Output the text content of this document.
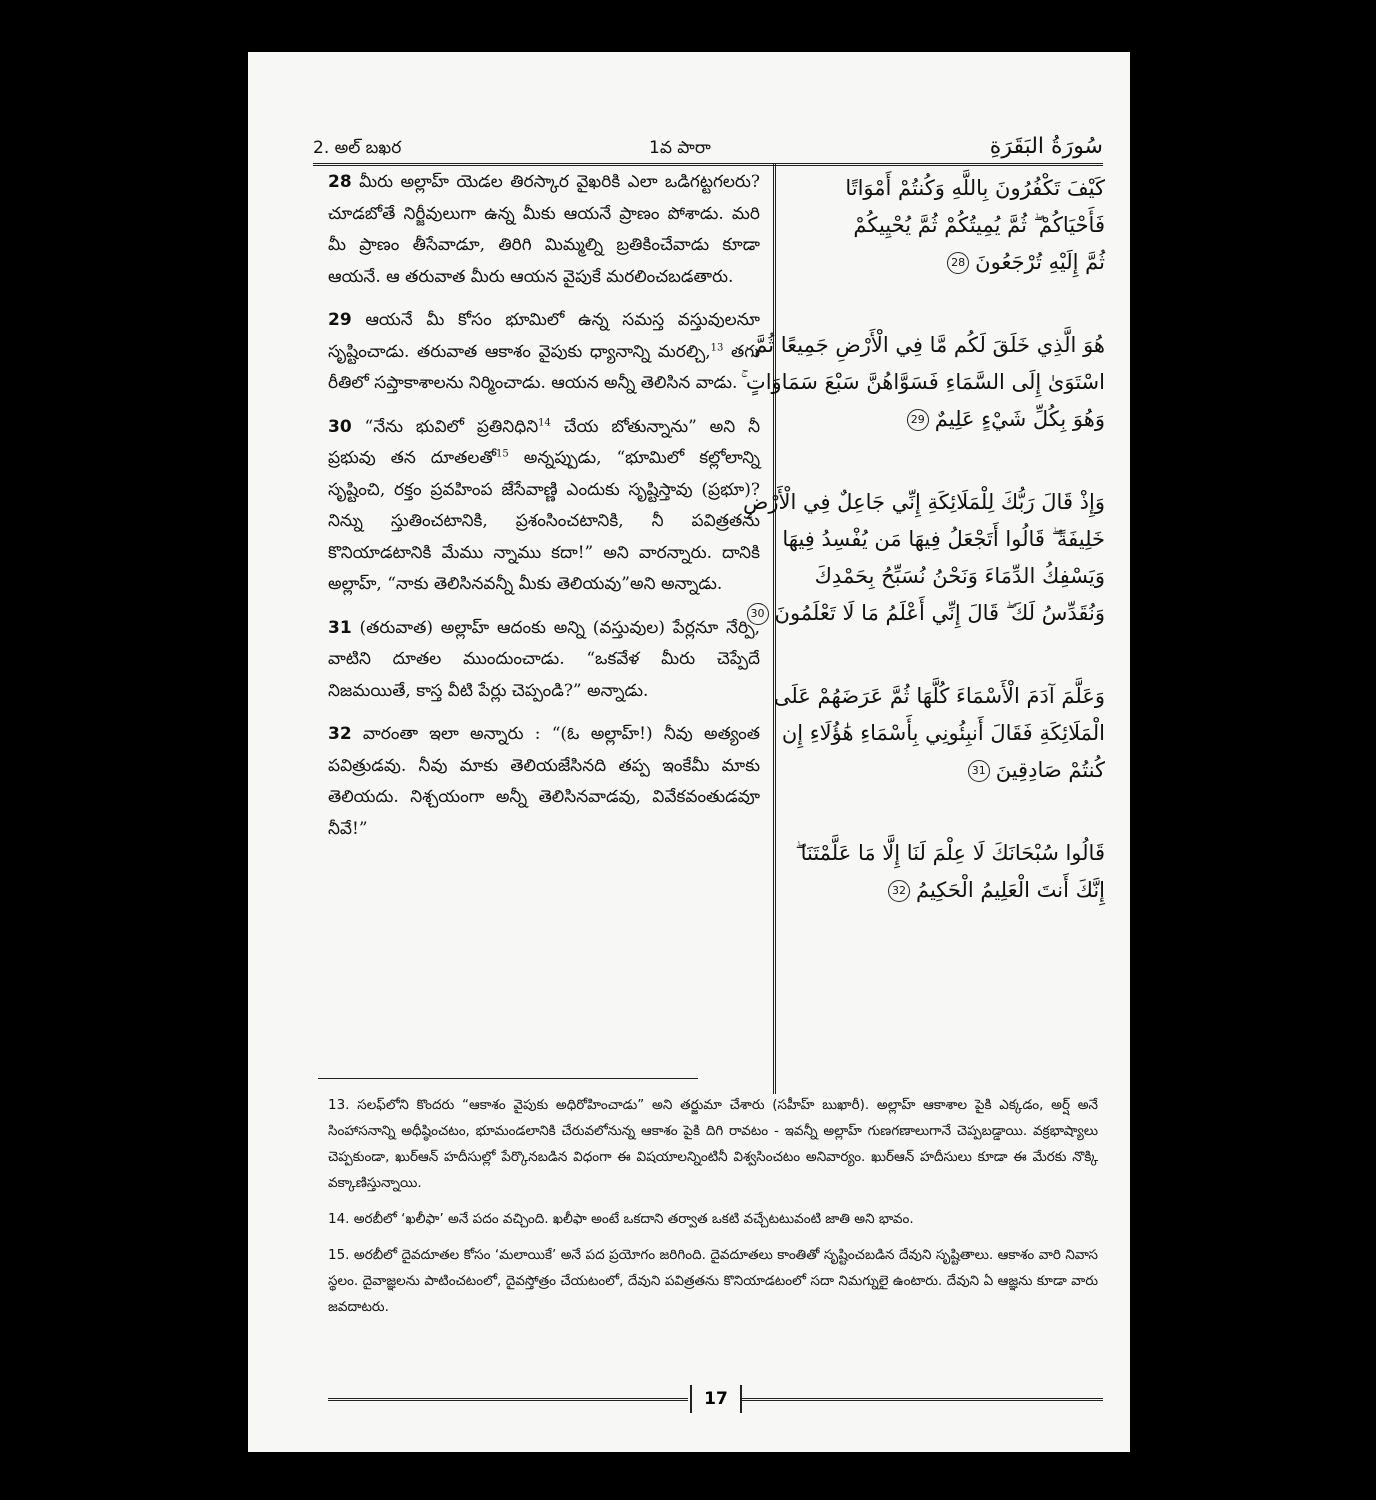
2. అల్ బఖర	1వ పారా	سُورَةُ البَقَرَةِ

28 మీరు అల్లాహ్ యెడల తిరస్కార వైఖరికి ఎలా ఒడిగట్టగలరు? చూడబోతే నిర్జీవులుగా ఉన్న మీకు ఆయనే ప్రాణం పోశాడు. మరి మీ ప్రాణం తీసేవాడూ, తిరిగి మిమ్మల్ని బ్రతికించేవాడు కూడా ఆయనే. ఆ తరువాత మీరు ఆయన వైపుకే మరలించబడతారు.

29 ఆయనే మీ కోసం భూమిలో ఉన్న సమస్త వస్తువులనూ సృష్టించాడు. తరువాత ఆకాశం వైపుకు ధ్యానాన్ని మరల్చి,$^{13}$ తగు రీతిలో సప్తాకాశాలను నిర్మించాడు. ఆయన అన్నీ తెలిసిన వాడు.

30 “నేను భువిలో ప్రతినిధిని$^{14}$ చేయ బోతున్నాను” అని నీ ప్రభువు తన దూతలతో$^{15}$ అన్నప్పుడు, “భూమిలో కల్లోలాన్ని సృష్టించి, రక్తం ప్రవహింప జేసేవాణ్ణి ఎందుకు సృష్టిస్తావు (ప్రభూ)? నిన్ను స్తుతించటానికి, ప్రశంసించటానికి, నీ పవిత్రతను కొనియాడటానికి మేము న్నాము కదా!” అని వారన్నారు. దానికి అల్లాహ్, “నాకు తెలిసినవన్నీ మీకు తెలియవు”అని అన్నాడు.

31 (తరువాత) అల్లాహ్ ఆదంకు అన్ని (వస్తువుల) పేర్లనూ నేర్పి, వాటిని దూతల ముందుంచాడు. “ఒకవేళ మీరు చెప్పేదే నిజమయితే, కాస్త వీటి పేర్లు చెప్పండి?” అన్నాడు.

32 వారంతా ఇలా అన్నారు : “(ఓ అల్లాహ్!) నీవు అత్యంత పవిత్రుడవు. నీవు మాకు తెలియజేసినది తప్ప ఇంకేమీ మాకు తెలియదు. నిశ్చయంగా అన్నీ తెలిసినవాడవు, వివేకవంతుడవూ నీవే!”

كَيْفَ تَكْفُرُونَ بِاللَّهِ وَكُنتُمْ أَمْوَاتًا
فَأَحْيَاكُمْ ۖ ثُمَّ يُمِيتُكُمْ ثُمَّ يُحْيِيكُمْ
ثُمَّ إِلَيْهِ تُرْجَعُونَ28
هُوَ الَّذِي خَلَقَ لَكُم مَّا فِي الْأَرْضِ جَمِيعًا ثُمَّ
اسْتَوَىٰ إِلَى السَّمَاءِ فَسَوَّاهُنَّ سَبْعَ سَمَاوَاتٍ ۚ
وَهُوَ بِكُلِّ شَيْءٍ عَلِيمٌ29
وَإِذْ قَالَ رَبُّكَ لِلْمَلَائِكَةِ إِنِّي جَاعِلٌ فِي الْأَرْضِ
خَلِيفَةً ۖ قَالُوا أَتَجْعَلُ فِيهَا مَن يُفْسِدُ فِيهَا
وَيَسْفِكُ الدِّمَاءَ وَنَحْنُ نُسَبِّحُ بِحَمْدِكَ
وَنُقَدِّسُ لَكَ ۖ قَالَ إِنِّي أَعْلَمُ مَا لَا تَعْلَمُونَ30
وَعَلَّمَ آدَمَ الْأَسْمَاءَ كُلَّهَا ثُمَّ عَرَضَهُمْ عَلَى
الْمَلَائِكَةِ فَقَالَ أَنبِئُونِي بِأَسْمَاءِ هَٰؤُلَاءِ إِن
كُنتُمْ صَادِقِينَ31
قَالُوا سُبْحَانَكَ لَا عِلْمَ لَنَا إِلَّا مَا عَلَّمْتَنَا ۖ
إِنَّكَ أَنتَ الْعَلِيمُ الْحَكِيمُ32

13. సలఫ్‌లోని కొందరు “ఆకాశం వైపుకు అధిరోహించాడు” అని తర్జుమా చేశారు (సహీహ్ బుఖారీ). అల్లాహ్ ఆకాశాల పైకి ఎక్కడం, అర్ష్ అనే సింహాసనాన్ని అధీష్ఠించటం, భూమండలానికి చేరువలోనున్న ఆకాశం పైకి దిగి రావటం - ఇవన్నీ అల్లాహ్ గుణగణాలుగానే చెప్పబడ్డాయి. వక్రభాష్యాలు చెప్పకుండా, ఖుర్ఆన్ హదీసుల్లో పేర్కొనబడిన విధంగా ఈ విషయాలన్నింటినీ విశ్వసించటం అనివార్యం. ఖుర్ఆన్ హదీసులు కూడా ఈ మేరకు నొక్కి వక్కాణిస్తున్నాయి.

14. అరబీలో ‘ఖలీఫా’ అనే పదం వచ్చింది. ఖలీఫా అంటే ఒకదాని తర్వాత ఒకటి వచ్చేటటువంటి జాతి అని భావం.

15. అరబీలో దైవదూతల కోసం ‘మలాయికే’ అనే పద ప్రయోగం జరిగింది. దైవదూతలు కాంతితో సృష్టించబడిన దేవుని సృష్టితాలు. ఆకాశం వారి నివాస స్థలం. దైవాజ్ఞలను పాటించటంలో, దైవస్తోత్రం చేయటంలో, దేవుని పవిత్రతను కొనియాడటంలో సదా నిమగ్నులై ఉంటారు. దేవుని ఏ ఆజ్ఞను కూడా వారు జవదాటరు.

17
